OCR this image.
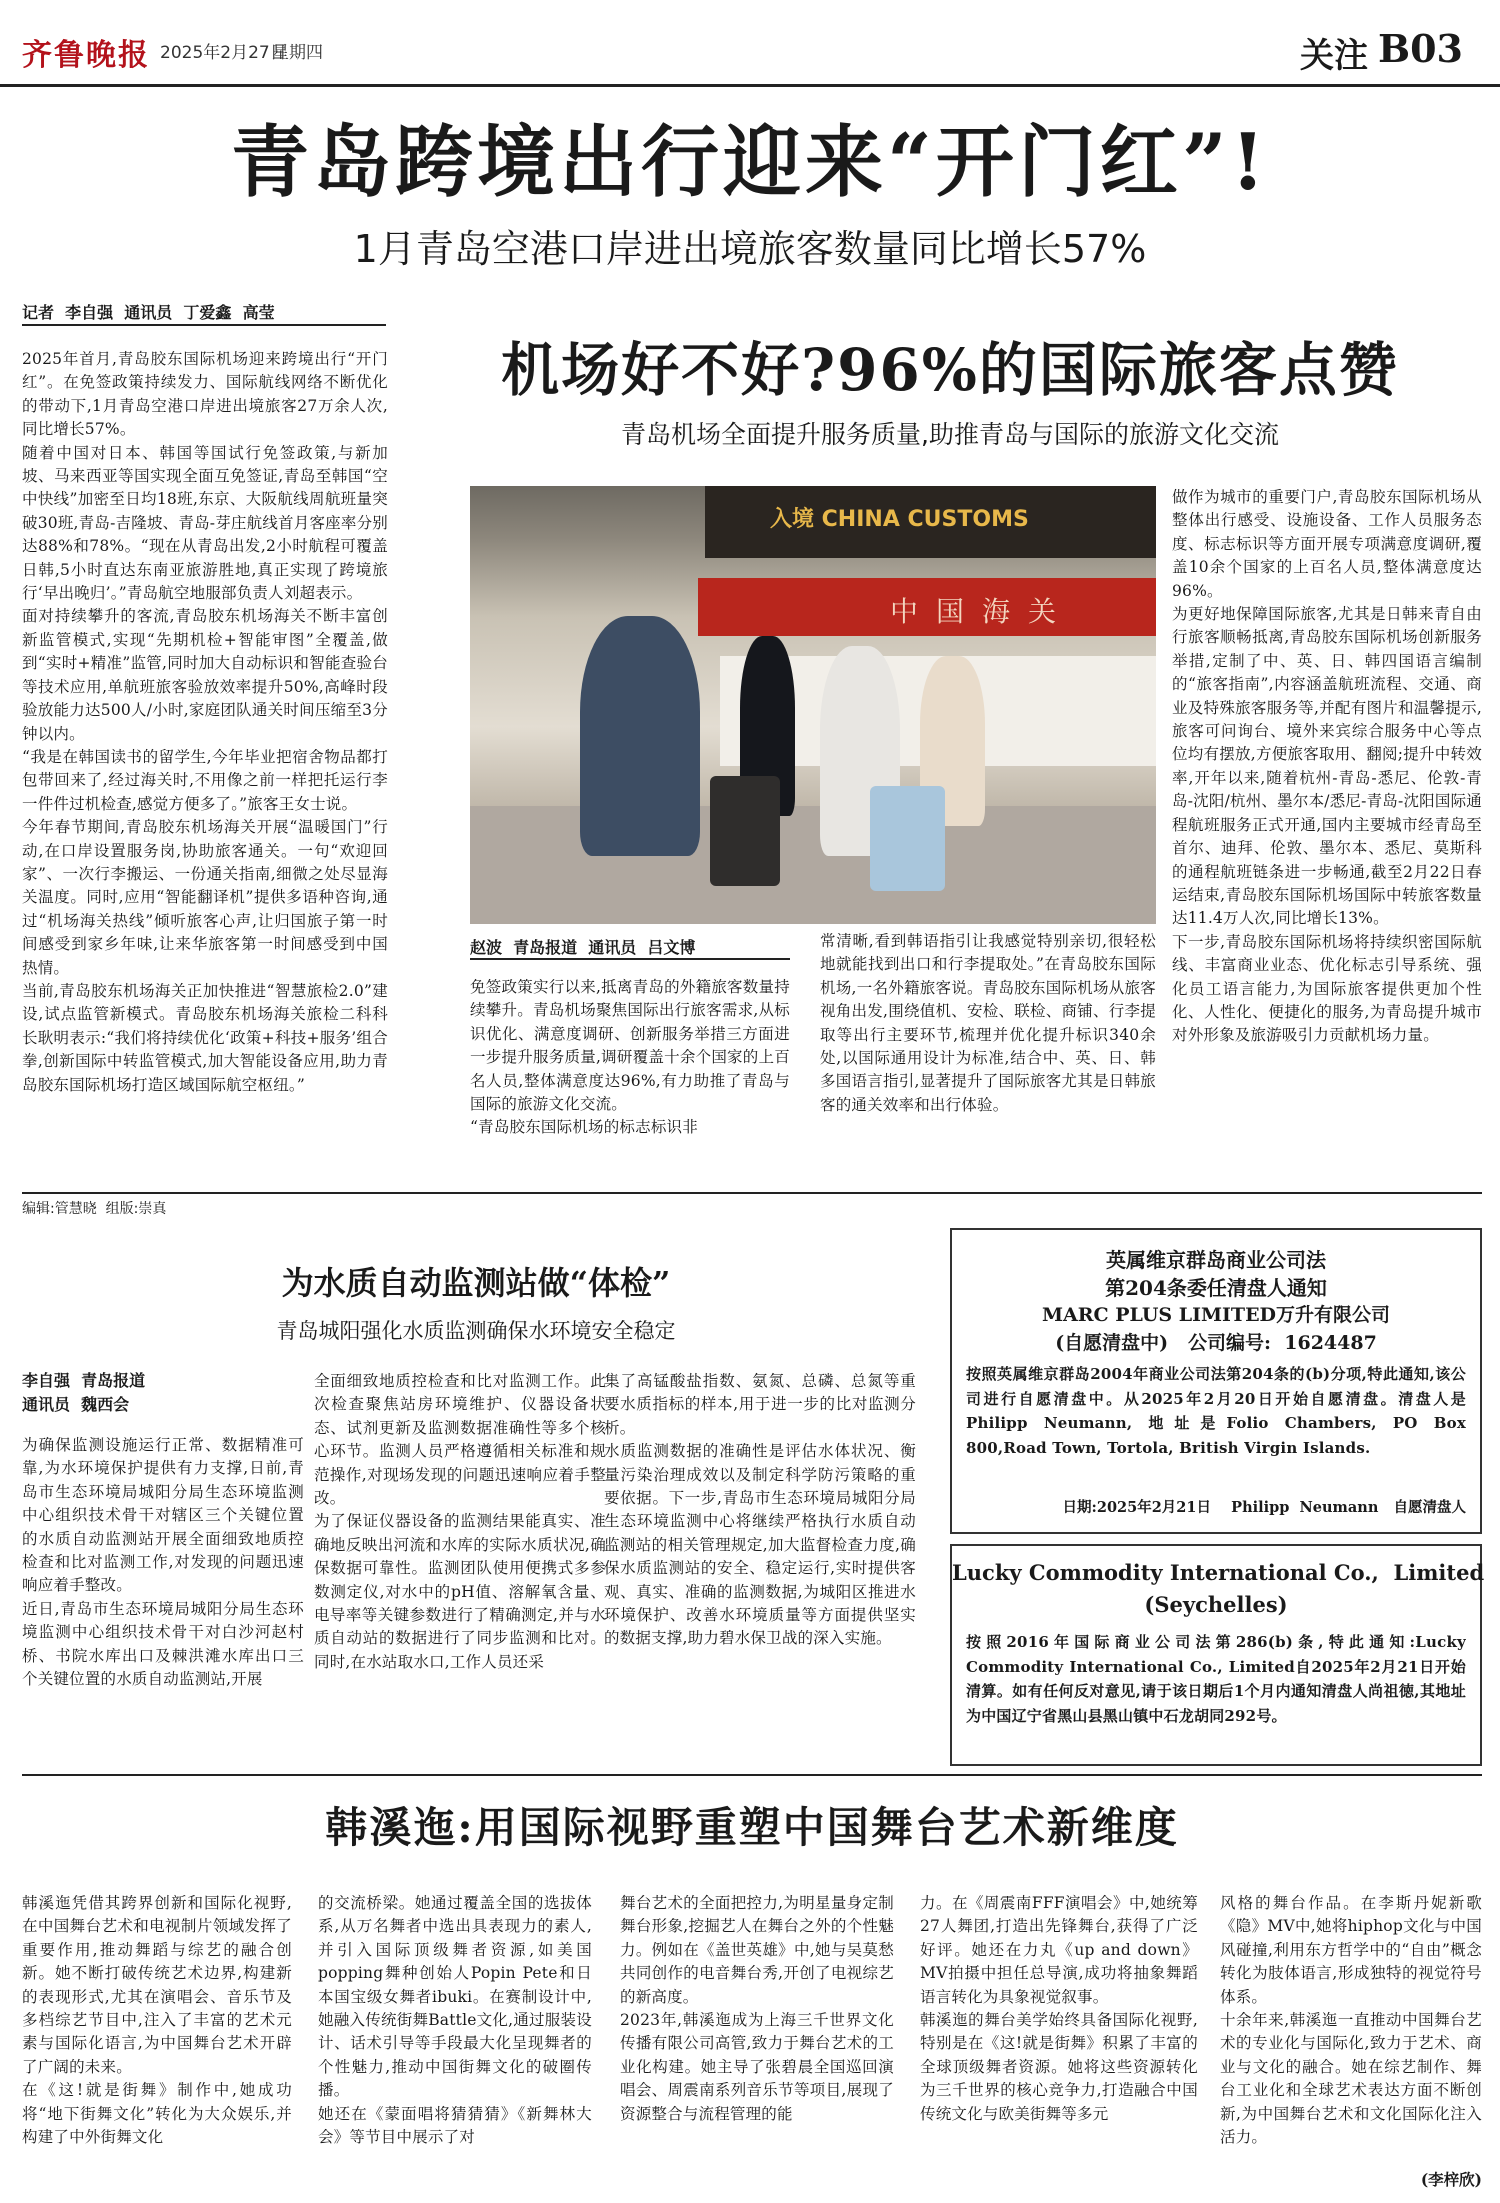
齐鲁晚报 2025年2月27日
星期四	关注 B03
青岛跨境出行迎来“开门红”!
1月青岛空港口岸进出境旅客数量同比增长57%
记者  李自强  通讯员  丁爱鑫  高莹
2025年首月,青岛胶东国际机场迎来跨境出行“开门红”。在免签政策持续发力、国际航线网络不断优化的带动下,1月青岛空港口岸进出境旅客27万余人次,同比增长57%。
随着中国对日本、韩国等国试行免签政策,与新加坡、马来西亚等国实现全面互免签证,青岛至韩国“空中快线”加密至日均18班,东京、大阪航线周航班量突破30班,青岛-吉隆坡、青岛-芽庄航线首月客座率分别达88%和78%。“现在从青岛出发,2小时航程可覆盖日韩,5小时直达东南亚旅游胜地,真正实现了跨境旅行‘早出晚归’。”青岛航空地服部负责人刘超表示。
面对持续攀升的客流,青岛胶东机场海关不断丰富创新监管模式,实现“先期机检+智能审图”全覆盖,做到“实时+精准”监管,同时加大自动标识和智能查验台等技术应用,单航班旅客验放效率提升50%,高峰时段验放能力达500人/小时,家庭团队通关时间压缩至3分钟以内。
“我是在韩国读书的留学生,今年毕业把宿舍物品都打包带回来了,经过海关时,不用像之前一样把托运行李一件件过机检查,感觉方便多了。”旅客王女士说。
今年春节期间,青岛胶东机场海关开展“温暖国门”行动,在口岸设置服务岗,协助旅客通关。一句“欢迎回家”、一次行李搬运、一份通关指南,细微之处尽显海关温度。同时,应用“智能翻译机”提供多语种咨询,通过“机场海关热线”倾听旅客心声,让归国旅子第一时间感受到家乡年味,让来华旅客第一时间感受到中国热情。
当前,青岛胶东机场海关正加快推进“智慧旅检2.0”建设,试点监管新模式。青岛胶东机场海关旅检二科科长耿明表示:“我们将持续优化‘政策+科技+服务’组合拳,创新国际中转监管模式,加大智能设备应用,助力青岛胶东国际机场打造区域国际航空枢纽。”
机场好不好?96%的国际旅客点赞
青岛机场全面提升服务质量,助推青岛与国际的旅游文化交流
入境 CHINA CUSTOMS
中国海关
赵波  青岛报道  通讯员  吕文博
免签政策实行以来,抵离青岛的外籍旅客数量持续攀升。青岛机场聚焦国际出行旅客需求,从标识优化、满意度调研、创新服务举措三方面进一步提升服务质量,调研覆盖十余个国家的上百名人员,整体满意度达96%,有力助推了青岛与国际的旅游文化交流。
“青岛胶东国际机场的标志标识非
常清晰,看到韩语指引让我感觉特别亲切,很轻松地就能找到出口和行李提取处。”在青岛胶东国际机场,一名外籍旅客说。青岛胶东国际机场从旅客视角出发,围绕值机、安检、联检、商铺、行李提取等出行主要环节,梳理并优化提升标识340余处,以国际通用设计为标准,结合中、英、日、韩多国语言指引,显著提升了国际旅客尤其是日韩旅客的通关效率和出行体验。
做作为城市的重要门户,青岛胶东国际机场从整体出行感受、设施设备、工作人员服务态度、标志标识等方面开展专项满意度调研,覆盖10余个国家的上百名人员,整体满意度达96%。
为更好地保障国际旅客,尤其是日韩来青自由行旅客顺畅抵离,青岛胶东国际机场创新服务举措,定制了中、英、日、韩四国语言编制的“旅客指南”,内容涵盖航班流程、交通、商业及特殊旅客服务等,并配有图片和温馨提示,旅客可问询台、境外来宾综合服务中心等点位均有摆放,方便旅客取用、翻阅;提升中转效率,开年以来,随着杭州-青岛-悉尼、伦敦-青岛-沈阳/杭州、墨尔本/悉尼-青岛-沈阳国际通程航班服务正式开通,国内主要城市经青岛至首尔、迪拜、伦敦、墨尔本、悉尼、莫斯科的通程航班链条进一步畅通,截至2月22日春运结束,青岛胶东国际机场国际中转旅客数量达11.4万人次,同比增长13%。
下一步,青岛胶东国际机场将持续织密国际航线、丰富商业业态、优化标志引导系统、强化员工语言能力,为国际旅客提供更加个性化、人性化、便捷化的服务,为青岛提升城市对外形象及旅游吸引力贡献机场力量。
编辑:管慧晓  组版:崇真
为水质自动监测站做“体检”
青岛城阳强化水质监测确保水环境安全稳定
李自强  青岛报道
通讯员  魏西会
为确保监测设施运行正常、数据精准可靠,为水环境保护提供有力支撑,日前,青岛市生态环境局城阳分局生态环境监测中心组织技术骨干对辖区三个关键位置的水质自动监测站开展全面细致地质控检查和比对监测工作,对发现的问题迅速响应着手整改。
近日,青岛市生态环境局城阳分局生态环境监测中心组织技术骨干对白沙河赵村桥、书院水库出口及棘洪滩水库出口三个关键位置的水质自动监测站,开展
全面细致地质控检查和比对监测工作。此次检查聚焦站房环境维护、仪器设备状态、试剂更新及监测数据准确性等多个核心环节。监测人员严格遵循相关标准和规范操作,对现场发现的问题迅速响应着手整改。
为了保证仪器设备的监测结果能真实、准确地反映出河流和水库的实际水质状况,确保数据可靠性。监测团队使用便携式多参数测定仪,对水中的pH值、溶解氧含量、电导率等关键参数进行了精确测定,并与水质自动站的数据进行了同步监测和比对。同时,在水站取水口,工作人员还采
集了高锰酸盐指数、氨氮、总磷、总氮等重要水质指标的样本,用于进一步的比对监测分析。
水质监测数据的准确性是评估水体状况、衡量污染治理成效以及制定科学防污策略的重要依据。下一步,青岛市生态环境局城阳分局生态环境监测中心将继续严格执行水质自动监测站的相关管理规定,加大监督检查力度,确保水质监测站的安全、稳定运行,实时提供客观、真实、准确的监测数据,为城阳区推进水环境保护、改善水环境质量等方面提供坚实的数据支撑,助力碧水保卫战的深入实施。
英属维京群岛商业公司法
第204条委任清盘人通知
MARC PLUS LIMITED万升有限公司
(自愿清盘中)   公司编号:  1624487
按照英属维京群岛2004年商业公司法第204条的(b)分项,特此通知,该公司进行自愿清盘中。从2025年2月20日开始自愿清盘。清盘人是Philipp Neumann, 地址是Folio Chambers, PO Box 800,Road Town, Tortola, British Virgin Islands.
日期:2025年2月21日    Philipp  Neumann   自愿清盘人
Lucky Commodity International Co.,  Limited
(Seychelles)
按照2016年国际商业公司法第286(b)条,特此通知:Lucky Commodity International Co., Limited自2025年2月21日开始清算。如有任何反对意见,请于该日期后1个月内通知清盘人尚祖徳,其地址为中国辽宁省黑山县黑山镇中石龙胡同292号。
韩溪迤:用国际视野重塑中国舞台艺术新维度
韩溪迤凭借其跨界创新和国际化视野,在中国舞台艺术和电视制片领域发挥了重要作用,推动舞蹈与综艺的融合创新。她不断打破传统艺术边界,构建新的表现形式,尤其在演唱会、音乐节及多档综艺节目中,注入了丰富的艺术元素与国际化语言,为中国舞台艺术开辟了广阔的未来。
在《这!就是街舞》制作中,她成功将“地下街舞文化”转化为大众娱乐,并构建了中外街舞文化
的交流桥梁。她通过覆盖全国的选拔体系,从万名舞者中选出具表现力的素人,并引入国际顶级舞者资源,如美国popping舞种创始人Popin Pete和日本国宝级女舞者ibuki。在赛制设计中,她融入传统街舞Battle文化,通过服装设计、话术引导等手段最大化呈现舞者的个性魅力,推动中国街舞文化的破圈传播。
她还在《蒙面唱将猜猜猜》《新舞林大会》等节目中展示了对
舞台艺术的全面把控力,为明星量身定制舞台形象,挖掘艺人在舞台之外的个性魅力。例如在《盖世英雄》中,她与吴莫愁共同创作的电音舞台秀,开创了电视综艺的新高度。
2023年,韩溪迤成为上海三千世界文化传播有限公司高管,致力于舞台艺术的工业化构建。她主导了张碧晨全国巡回演唱会、周震南系列音乐节等项目,展现了资源整合与流程管理的能
力。在《周震南FFF演唱会》中,她统筹27人舞团,打造出先锋舞台,获得了广泛好评。她还在力丸《up and down》MV拍摄中担任总导演,成功将抽象舞蹈语言转化为具象视觉叙事。
韩溪迤的舞台美学始终具备国际化视野,特别是在《这!就是街舞》积累了丰富的全球顶级舞者资源。她将这些资源转化为三千世界的核心竞争力,打造融合中国传统文化与欧美街舞等多元
风格的舞台作品。在李斯丹妮新歌《隐》MV中,她将hiphop文化与中国风碰撞,利用东方哲学中的“自由”概念转化为肢体语言,形成独特的视觉符号体系。
十余年来,韩溪迤一直推动中国舞台艺术的专业化与国际化,致力于艺术、商业与文化的融合。她在综艺制作、舞台工业化和全球艺术表达方面不断创新,为中国舞台艺术和文化国际化注入活力。
(李梓欣)
